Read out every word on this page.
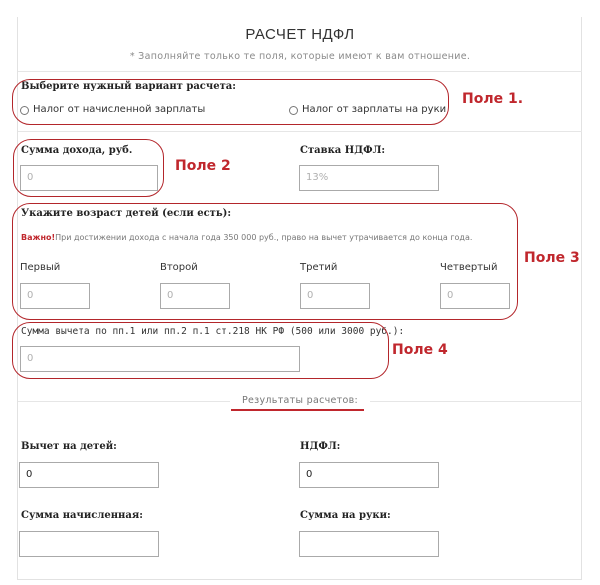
РАСЧЕТ НДФЛ
* Заполняйте только те поля, которые имеют к вам отношение.
Выберите нужный вариант расчета:
Налог от начисленной зарплаты	Налог от зарплаты на руки
Поле 1.
Сумма дохода, руб.
0
Поле 2
Ставка НДФЛ:
13%
Укажите возраст детей (если есть):
Важно!При достижении дохода с начала года 350 000 руб., право на вычет утрачивается до конца года.
Первый	Второй	Третий	Четвертый
0	0	0	0
Поле 3
Сумма вычета по пп.1 или пп.2 п.1 ст.218 НК РФ (500 или 3000 руб.):
0
Поле 4
Результаты расчетов:
Вычет на детей:
0
НДФЛ:
0
Сумма начисленная:	Сумма на руки:
